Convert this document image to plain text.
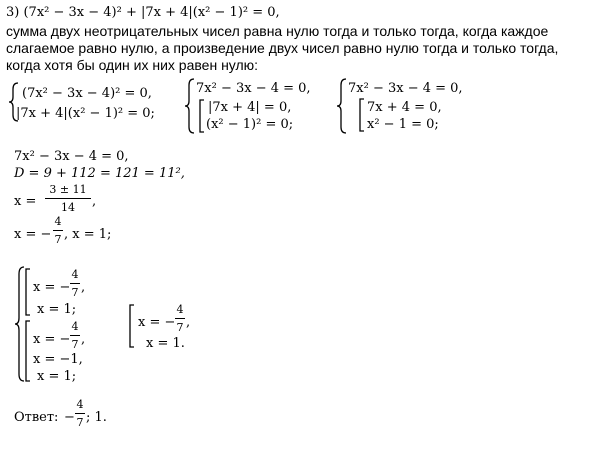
3) (7x² − 3x − 4)² + |7x + 4|(x² − 1)² = 0,
сумма двух неотрицательных чисел равна нулю тогда и только тогда, когда каждое
слагаемое равно нулю, а произведение двух чисел равно нулю тогда и только тогда,
когда хотя бы один их них равен нулю:
(7x² − 3x − 4)² = 0,
|7x + 4|(x² − 1)² = 0;
7x² − 3x − 4 = 0,
|7x + 4| = 0,
(x² − 1)² = 0;
7x² − 3x − 4 = 0,
7x + 4 = 0,
x² − 1 = 0;
7x² − 3x − 4 = 0,
D = 9 + 112 = 121 = 11²,
x =
3 ± 11
14	,
x = −
4
7 , x = 1;
x = −
4
7 ,
x = 1;
x = −
4
7 ,
x = −1,
x = 1;
x = −
4
7 ,
x = 1.
Ответ: −
4
7 ; 1.
